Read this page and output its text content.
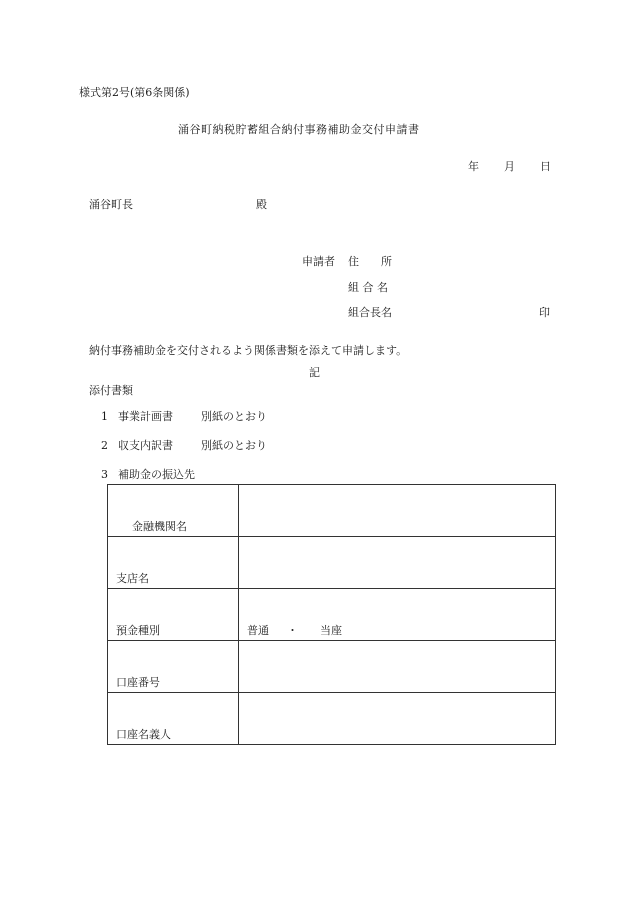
様式第2号(第6条関係)
涌谷町納税貯蓄組合納付事務補助金交付申請書
年 月 日
涌谷町長	殿
申請者 住　　所
組 合 名
組合長名	印
納付事務補助金を交付されるよう関係書類を添えて申請します。
記
添付書類
1 事業計画書	別紙のとおり
2 収支内訳書	別紙のとおり
3 補助金の振込先
金融機関名	
支店名	
預金種別	普通 ・ 当座
口座番号	
口座名義人	
